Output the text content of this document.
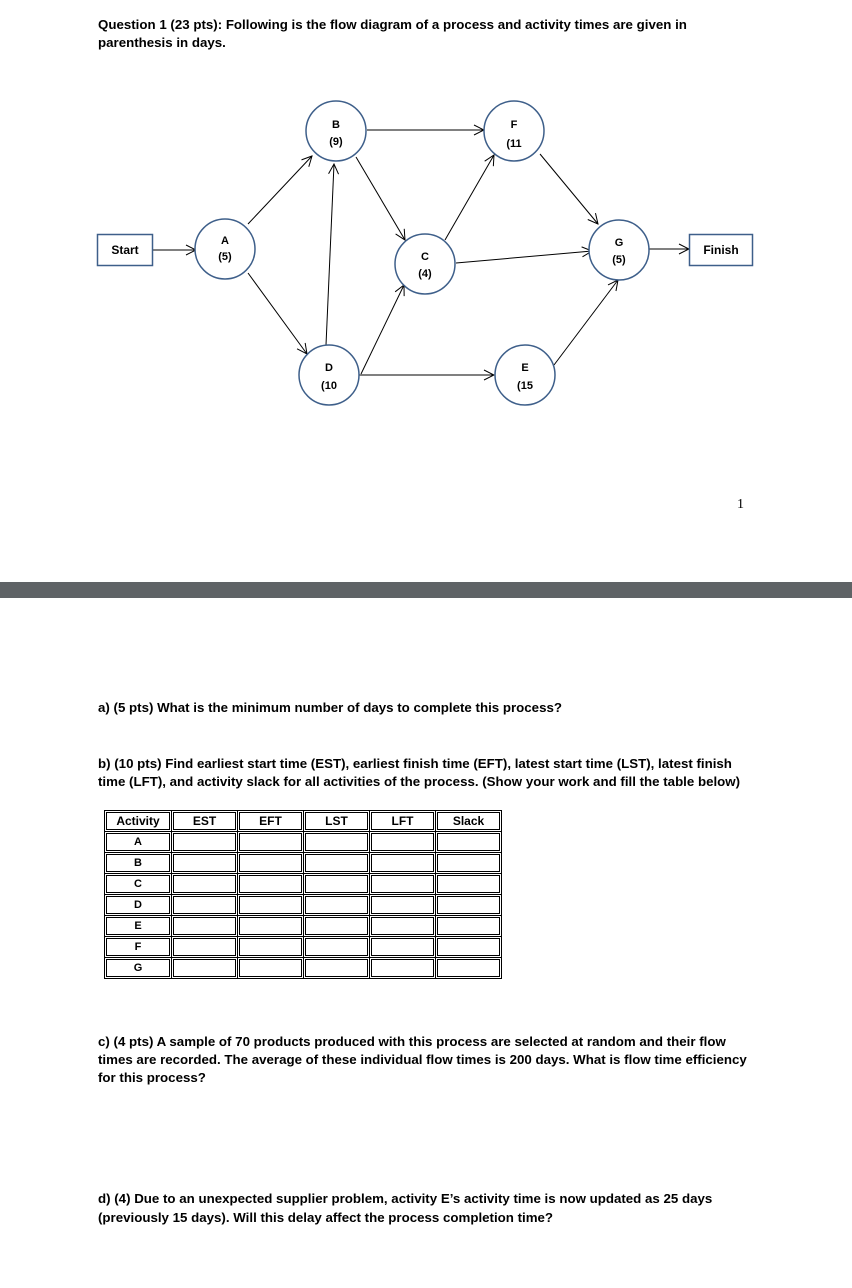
Question 1 (23 pts): Following is the flow diagram of a process and activity times are given in

parenthesis in days.

Start	Finish
A
(5)
B
(9)
C
(4)
D
(10
E
(15
F
(11
G
(5)
1

a) (5 pts) What is the minimum number of days to complete this process?

b) (10 pts) Find earliest start time (EST), earliest finish time (EFT), latest start time (LST), latest finish

time (LFT), and activity slack for all activities of the process. (Show your work and fill the table below)

Activity	EST	EFT	LST	LFT	Slack
A					
B					
C					
D					
E					
F					
G					

c) (4 pts) A sample of 70 products produced with this process are selected at random and their flow

times are recorded. The average of these individual flow times is 200 days. What is flow time efficiency

for this process?

d) (4) Due to an unexpected supplier problem, activity E’s activity time is now updated as 25 days

(previously 15 days). Will this delay affect the process completion time?
